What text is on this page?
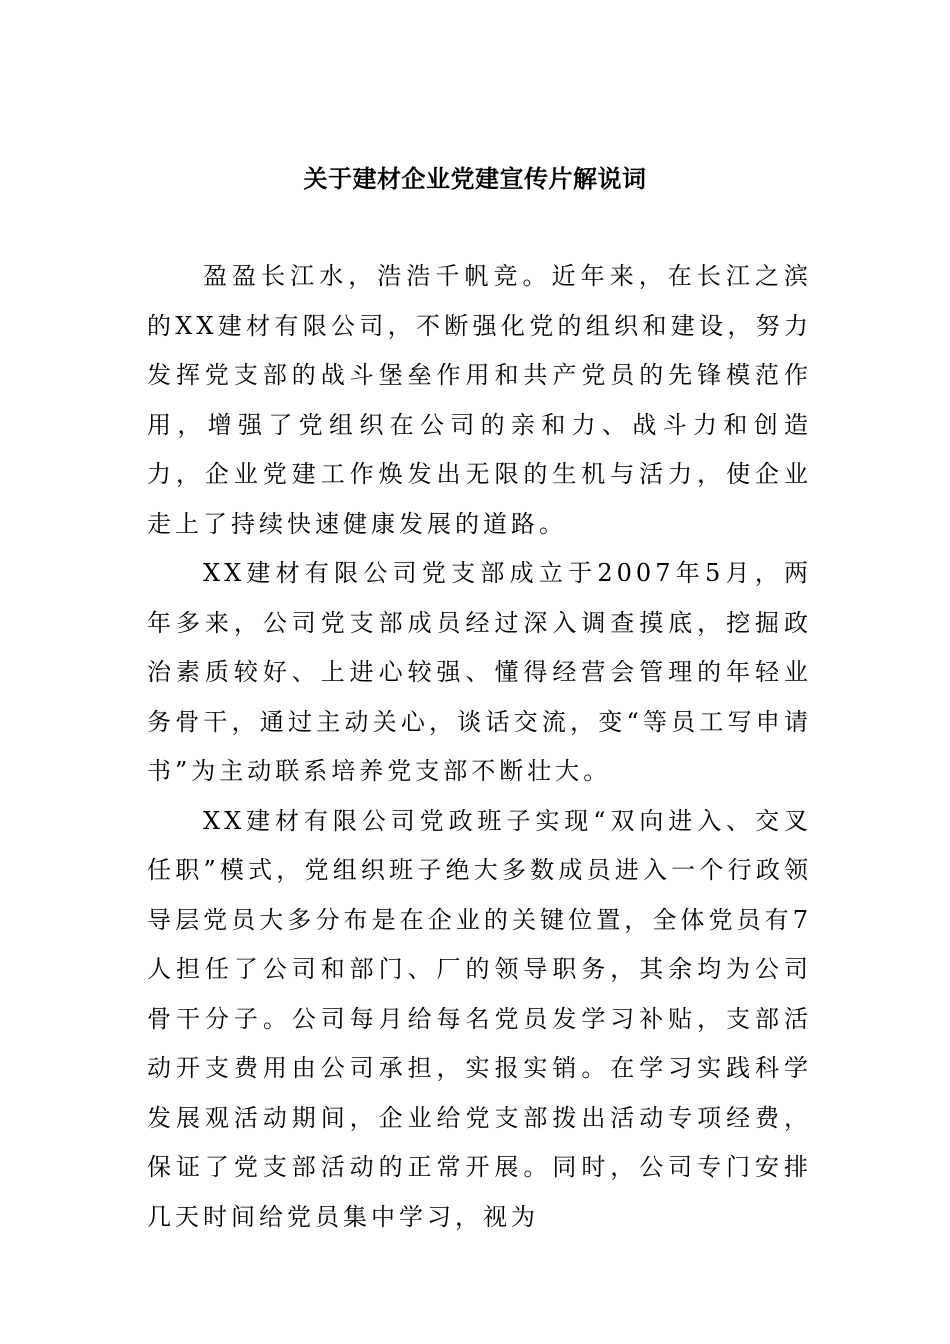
关于建材企业党建宣传片解说词

盈盈长江水，浩浩千帆竞。近年来，在长江之滨的XX建材有限公司，不断强化党的组织和建设，努力发挥党支部的战斗堡垒作用和共产党员的先锋模范作用，增强了党组织在公司的亲和力、战斗力和创造力，企业党建工作焕发出无限的生机与活力，使企业走上了持续快速健康发展的道路。

XX建材有限公司党支部成立于2007年5月，两年多来，公司党支部成员经过深入调查摸底，挖掘政治素质较好、上进心较强、懂得经营会管理的年轻业务骨干，通过主动关心，谈话交流，变“等员工写申请书”为主动联系培养党支部不断壮大。

XX建材有限公司党政班子实现“双向进入、交叉任职”模式，党组织班子绝大多数成员进入一个行政领导层党员大多分布是在企业的关键位置，全体党员有7人担任了公司和部门、厂的领导职务，其余均为公司骨干分子。公司每月给每名党员发学习补贴，支部活动开支费用由公司承担，实报实销。在学习实践科学发展观活动期间，企业给党支部拨出活动专项经费，保证了党支部活动的正常开展。同时，公司专门安排几天时间给党员集中学习，视为
